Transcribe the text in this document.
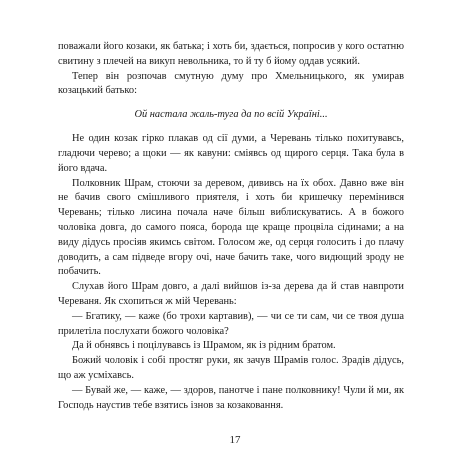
поважали його козаки, як батька; і хоть би, здається, попросив у кого остатню свитину з плечей на викуп невольника, то й ту б йому оддав усякий.

Тепер він розпочав смутную думу про Хмельницького, як умирав козацький батько:

Ой настала жаль-туга да по всій Україні...

Не один козак гірко плакав од сії думи, а Черевань тілько похитувавсь, гладючи черево; а щоки — як кавуни: сміявсь од щирого серця. Така була в його вдача.

Полковник Шрам, стоючи за деревом, дививсь на їх обох. Давно вже він не бачив свого смішливого приятеля, і хоть би кришечку перемінився Черевань; тілько лисина почала наче більш виблискуватись. А в божого чоловіка довга, до самого пояса, борода ще краще процвіла сідинами; а на виду дідусь просіяв якимсь світом. Голосом же, од серця голосить і до плачу доводить, а сам підведе вгору очі, наче бачить таке, чого видющий зроду не побачить.

Слухав його Шрам довго, а далі вийшов із-за дерева да й став навпроти Череваня. Як схопиться ж мій Черевань:

— Бгатику, — каже (бо трохи картавив), — чи се ти сам, чи се твоя душа прилетіла послухати божого чоловіка?

Да й обнявсь і поцілувавсь із Шрамом, як із рідним братом.

Божий чоловік і собі простяг руки, як зачув Шрамів голос. Зрадів дідусь, що аж усміхавсь.

— Бувай же, — каже, — здоров, панотче і пане полковнику! Чули й ми, як Господь наустив тебе взятись ізнов за козаковання.

17
